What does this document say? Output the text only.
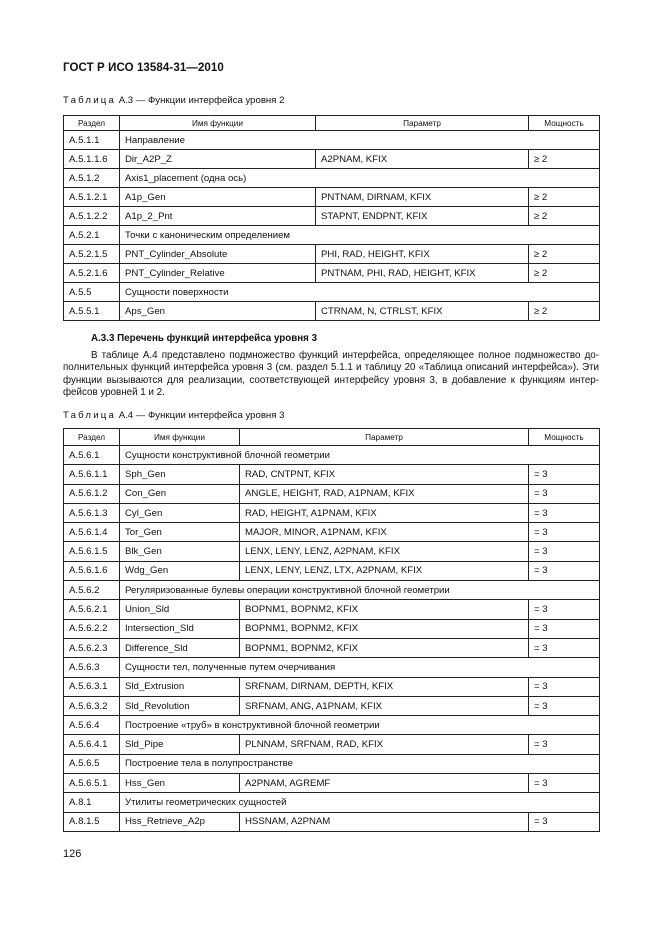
ГОСТ Р ИСО 13584-31—2010
Таблица А.3 — Функции интерфейса уровня 2
Раздел	Имя функции	Параметр	Мощность
A.5.1.1	Направление		
A.5.1.1.6	Dir_A2P_Z	A2PNAM, KFIX	≥ 2
A.5.1.2	Axis1_placement (одна ось)		
A.5.1.2.1	A1p_Gen	PNTNAM, DIRNAM, KFIX	≥ 2
A.5.1.2.2	A1p_2_Pnt	STAPNT, ENDPNT, KFIX	≥ 2
A.5.2.1	Точки с каноническим определением		
A.5.2.1.5	PNT_Cylinder_Absolute	PHI, RAD, HEIGHT, KFIX	≥ 2
A.5.2.1.6	PNT_Cylinder_Relative	PNTNAM, PHI, RAD, HEIGHT, KFIX	≥ 2
A.5.5	Сущности поверхности		
A.5.5.1	Aps_Gen	CTRNAM, N, CTRLST, KFIX	≥ 2
А.3.3 Перечень функций интерфейса уровня 3
В таблице А.4 представлено подмножество функций интерфейса, определяющее полное подмножество до-
полнительных функций интерфейса уровня 3 (см. раздел 5.1.1 и таблицу 20 «Таблица описаний интерфейса»). Эти
функции вызываются для реализации, соответствующей интерфейсу уровня 3, в добавление к функциям интер-
фейсов уровней 1 и 2.
Таблица А.4 — Функции интерфейса уровня 3
Раздел	Имя функции	Параметр	Мощность
A.5.6.1	Сущности конструктивной блочной геометрии		
A.5.6.1.1	Sph_Gen	RAD, CNTPNT, KFIX	= 3
A.5.6.1.2	Con_Gen	ANGLE, HEIGHT, RAD, A1PNAM, KFIX	= 3
A.5.6.1.3	Cyl_Gen	RAD, HEIGHT, A1PNAM, KFIX	= 3
A.5.6.1.4	Tor_Gen	MAJOR, MINOR, A1PNAM, KFIX	= 3
A.5.6.1.5	Blk_Gen	LENX, LENY, LENZ, A2PNAM, KFIX	= 3
A.5.6.1.6	Wdg_Gen	LENX, LENY, LENZ, LTX, A2PNAM, KFIX	= 3
A.5.6.2	Регуляризованные булевы операции конструктивной блочной геометрии		
A.5.6.2.1	Union_Sld	BOPNM1, BOPNM2, KFIX	= 3
A.5.6.2.2	Intersection_Sld	BOPNM1, BOPNM2, KFIX	= 3
A.5.6.2.3	Difference_Sld	BOPNM1, BOPNM2, KFIX	= 3
A.5.6.3	Сущности тел, полученные путем очерчивания		
A.5.6.3.1	Sld_Extrusion	SRFNAM, DIRNAM, DEPTH, KFIX	= 3
A.5.6.3.2	Sld_Revolution	SRFNAM, ANG, A1PNAM, KFIX	= 3
A.5.6.4	Построение «труб» в конструктивной блочной геометрии		
A.5.6.4.1	Sld_Pipe	PLNNAM, SRFNAM, RAD, KFIX	= 3
A.5.6.5	Построение тела в полупространстве		
A.5.6.5.1	Hss_Gen	A2PNAM, AGREMF	= 3
A.8.1	Утилиты геометрических сущностей		
A.8.1.5	Hss_Retrieve_A2p	HSSNAM, A2PNAM	= 3
126
